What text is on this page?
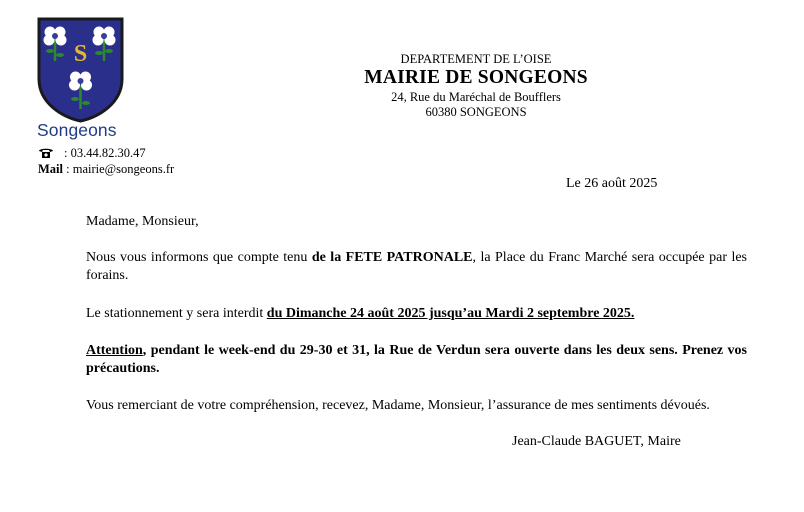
S
Songeons
: 03.44.82.30.47
Mail : mairie@songeons.fr
DEPARTEMENT DE L’OISE
MAIRIE DE SONGEONS
24, Rue du Maréchal de Boufflers
60380 SONGEONS
Le 26 août 2025
Madame, Monsieur,
Nous vous informons que compte tenu de la FETE PATRONALE, la Place du Franc Marché sera occupée par les forains.
Le stationnement y sera interdit du Dimanche 24 août 2025 jusqu’au Mardi 2 septembre 2025.
Attention, pendant le week-end du 29-30 et 31, la Rue de Verdun sera ouverte dans les deux sens. Prenez vos précautions.
Vous remerciant de votre compréhension, recevez, Madame, Monsieur, l’assurance de mes sentiments dévoués.
Jean-Claude BAGUET, Maire
